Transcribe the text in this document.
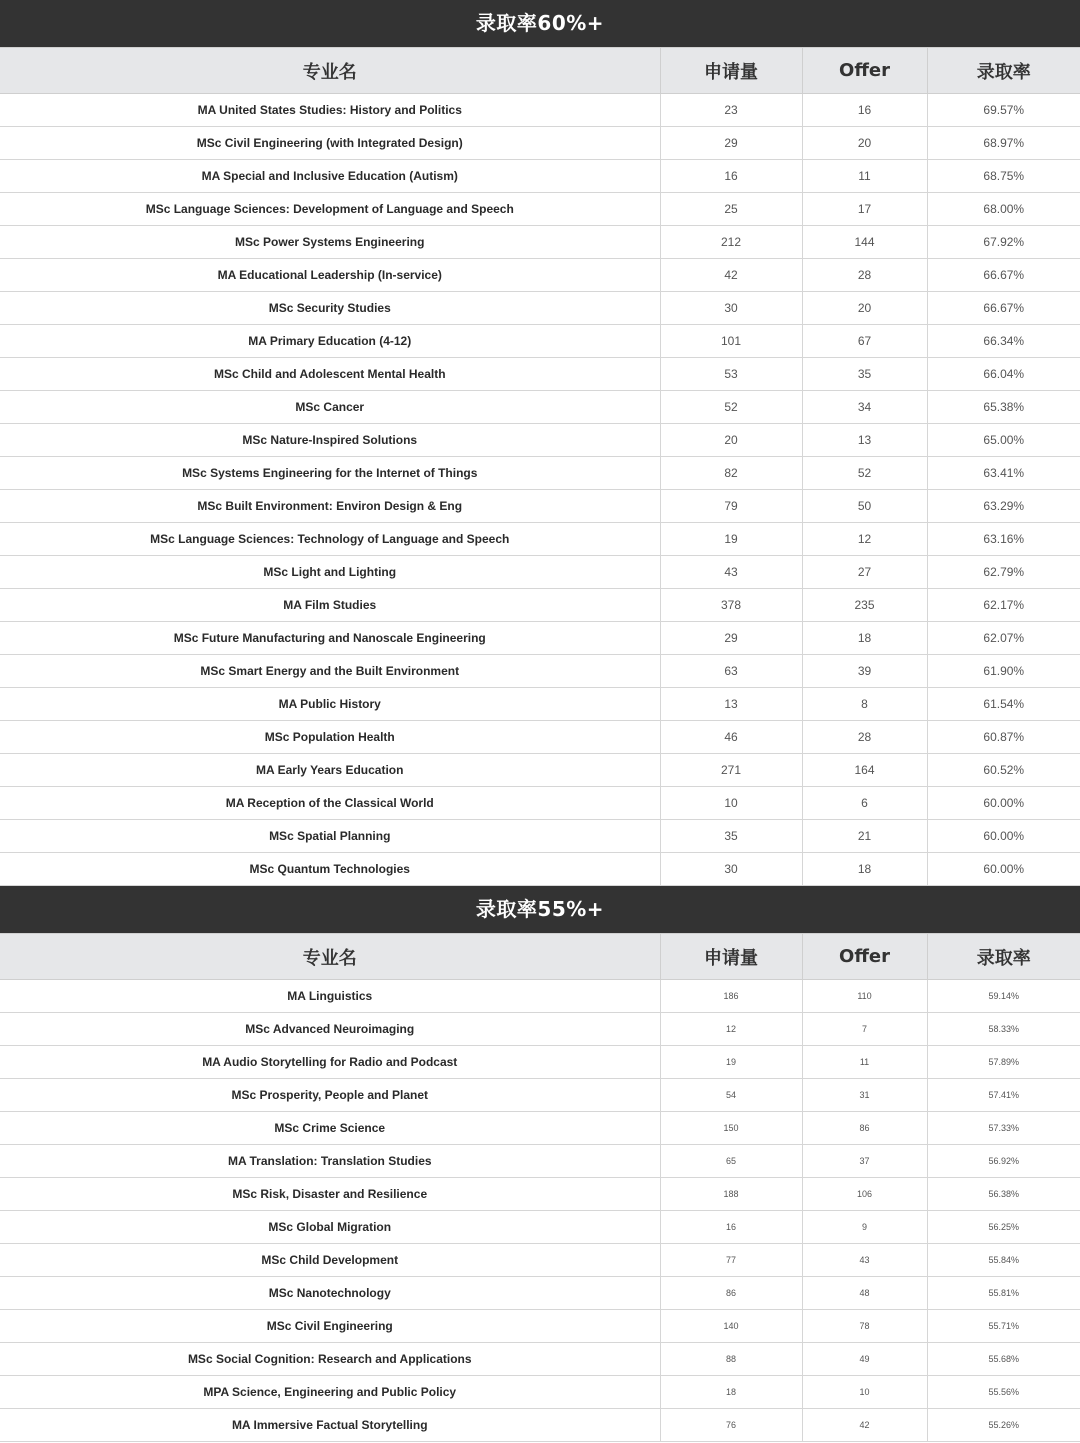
录取率60%+
专业名	申请量	Offer	录取率
MA United States Studies: History and Politics	23	16	69.57%
MSc Civil Engineering (with Integrated Design)	29	20	68.97%
MA Special and Inclusive Education (Autism)	16	11	68.75%
MSc Language Sciences: Development of Language and Speech	25	17	68.00%
MSc Power Systems Engineering	212	144	67.92%
MA Educational Leadership (In-service)	42	28	66.67%
MSc Security Studies	30	20	66.67%
MA Primary Education (4-12)	101	67	66.34%
MSc Child and Adolescent Mental Health	53	35	66.04%
MSc Cancer	52	34	65.38%
MSc Nature-Inspired Solutions	20	13	65.00%
MSc Systems Engineering for the Internet of Things	82	52	63.41%
MSc Built Environment: Environ Design & Eng	79	50	63.29%
MSc Language Sciences: Technology of Language and Speech	19	12	63.16%
MSc Light and Lighting	43	27	62.79%
MA Film Studies	378	235	62.17%
MSc Future Manufacturing and Nanoscale Engineering	29	18	62.07%
MSc Smart Energy and the Built Environment	63	39	61.90%
MA Public History	13	8	61.54%
MSc Population Health	46	28	60.87%
MA Early Years Education	271	164	60.52%
MA Reception of the Classical World	10	6	60.00%
MSc Spatial Planning	35	21	60.00%
MSc Quantum Technologies	30	18	60.00%
录取率55%+
专业名	申请量	Offer	录取率
MA Linguistics	186	110	59.14%
MSc Advanced Neuroimaging	12	7	58.33%
MA Audio Storytelling for Radio and Podcast	19	11	57.89%
MSc Prosperity, People and Planet	54	31	57.41%
MSc Crime Science	150	86	57.33%
MA Translation: Translation Studies	65	37	56.92%
MSc Risk, Disaster and Resilience	188	106	56.38%
MSc Global Migration	16	9	56.25%
MSc Child Development	77	43	55.84%
MSc Nanotechnology	86	48	55.81%
MSc Civil Engineering	140	78	55.71%
MSc Social Cognition: Research and Applications	88	49	55.68%
MPA Science, Engineering and Public Policy	18	10	55.56%
MA Immersive Factual Storytelling	76	42	55.26%
